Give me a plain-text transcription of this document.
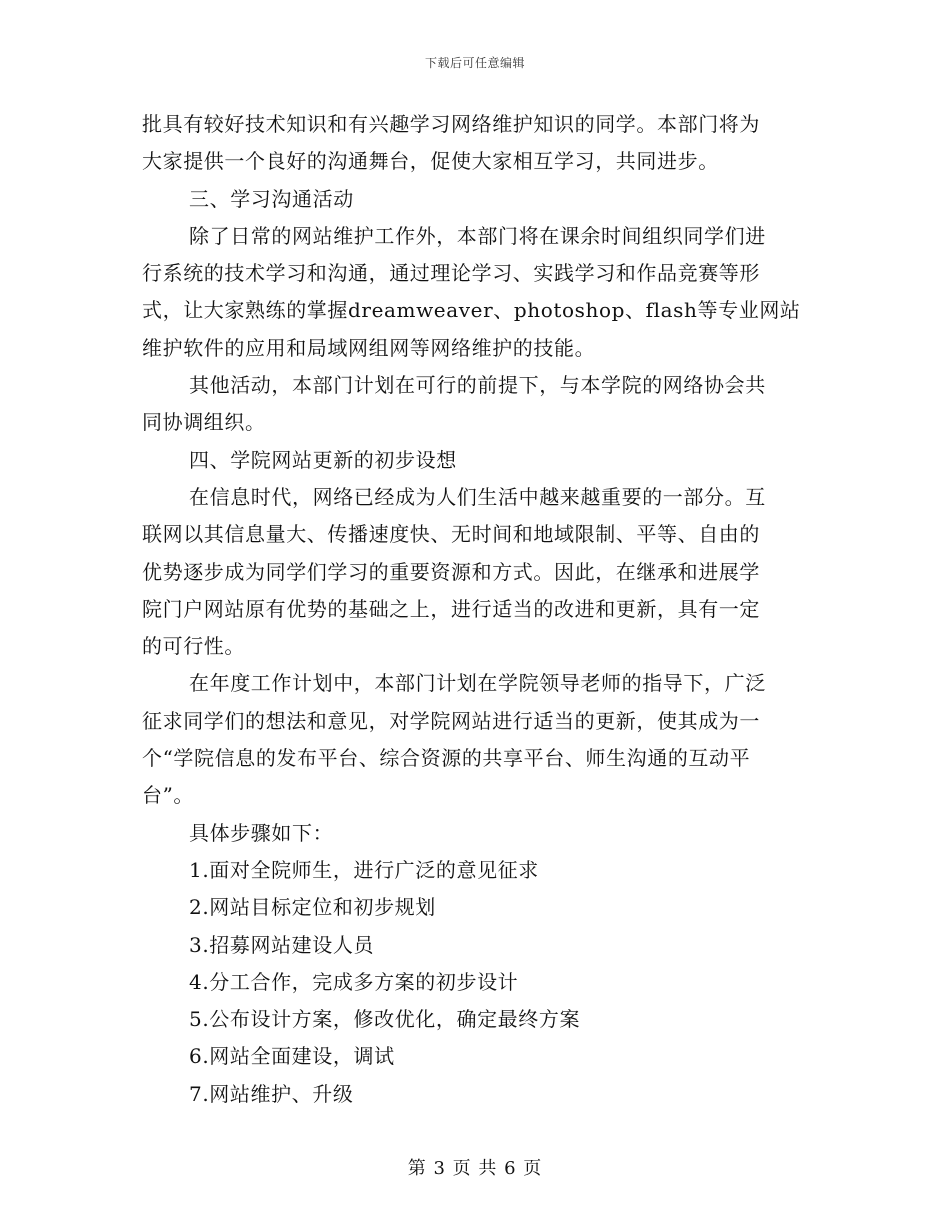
下载后可任意编辑
批具有较好技术知识和有兴趣学习网络维护知识的同学。本部门将为
大家提供一个良好的沟通舞台，促使大家相互学习，共同进步。
三、学习沟通活动
除了日常的网站维护工作外，本部门将在课余时间组织同学们进
行系统的技术学习和沟通，通过理论学习、实践学习和作品竞赛等形
式，让大家熟练的掌握dreamweaver、photoshop、flash等专业网站
维护软件的应用和局域网组网等网络维护的技能。
其他活动，本部门计划在可行的前提下，与本学院的网络协会共
同协调组织。
四、学院网站更新的初步设想
在信息时代，网络已经成为人们生活中越来越重要的一部分。互
联网以其信息量大、传播速度快、无时间和地域限制、平等、自由的
优势逐步成为同学们学习的重要资源和方式。因此，在继承和进展学
院门户网站原有优势的基础之上，进行适当的改进和更新，具有一定
的可行性。
在年度工作计划中，本部门计划在学院领导老师的指导下，广泛
征求同学们的想法和意见，对学院网站进行适当的更新，使其成为一
个“学院信息的发布平台、综合资源的共享平台、师生沟通的互动平
台”。
具体步骤如下：
1.面对全院师生，进行广泛的意见征求
2.网站目标定位和初步规划
3.招募网站建设人员
4.分工合作，完成多方案的初步设计
5.公布设计方案，修改优化，确定最终方案
6.网站全面建设，调试
7.网站维护、升级
第 3 页 共 6 页
